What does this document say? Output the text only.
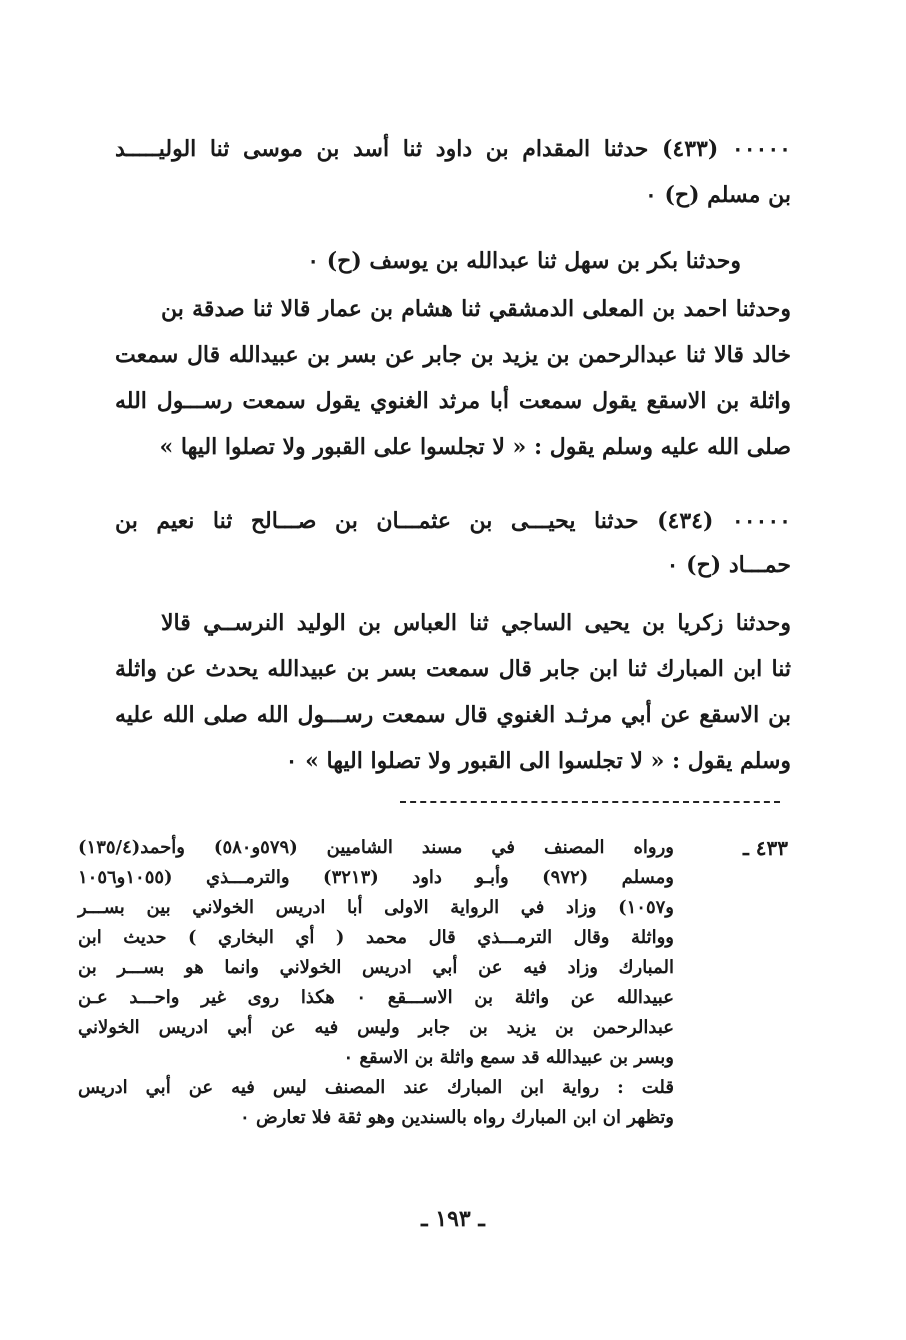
٠٠٠٠٠ (٤٣٣) حدثنا المقدام بن داود ثنا أسد بن موسى ثنا الوليـــــد
بن مسلم (ح) ٠
وحدثنا بكر بن سهل ثنا عبدالله بن يوسف (ح) ٠
وحدثنا احمد بن المعلى الدمشقي ثنا هشام بن عمار قالا ثنا صدقة بن
خالد قالا ثنا عبدالرحمن بن يزيد بن جابر عن بسر بن عبيدالله قال سمعت
واثلة بن الاسقع يقول سمعت أبا مرثد الغنوي يقول سمعت رســـول الله
صلى الله عليه وسلم يقول : « لا تجلسوا على القبور ولا تصلوا اليها »
٠٠٠٠٠ (٤٣٤) حدثنا يحيـــى بن عثمـــان بن صـــالح ثنا نعيم بن
حمـــاد (ح) ٠
وحدثنا زكريا بن يحيى الساجي ثنا العباس بن الوليد النرســي قالا
ثنا ابن المبارك ثنا ابن جابر قال سمعت بسر بن عبيدالله يحدث عن واثلة
بن الاسقع عن أبي مرثـد الغنوي قال سمعت رســـول الله صلى الله عليه
وسلم يقول : « لا تجلسوا الى القبور ولا تصلوا اليها » ٠
٤٣٣ ـ
ورواه المصنف في مسند الشاميين (٥٧٩و٥٨٠) وأحمد(١٣٥/٤)
ومسلم (٩٧٢) وأبـو داود (٣٢١٣) والترمـــذي (١٠٥٥و١٠٥٦
و١٠٥٧) وزاد في الرواية الاولى أبا ادريس الخولاني بين بســـر
وواثلة وقال الترمـــذي قال محمد ( أي البخاري ) حديث ابن
المبارك وزاد فيه عن أبي ادريس الخولاني وانما هو بســـر بن
عبيدالله عن واثلة بن الاســـقع ٠ هكذا روى غير واحـــد عـن
عبدالرحمن بن يزيد بن جابر وليس فيه عن أبي ادريس الخولاني
وبسر بن عبيدالله قد سمع واثلة بن الاسقع ٠
قلت : رواية ابن المبارك عند المصنف ليس فيه عن أبي ادريس
وتظهر ان ابن المبارك رواه بالسندين وهو ثقة فلا تعارض ٠
ـ ١٩٣ ـ
